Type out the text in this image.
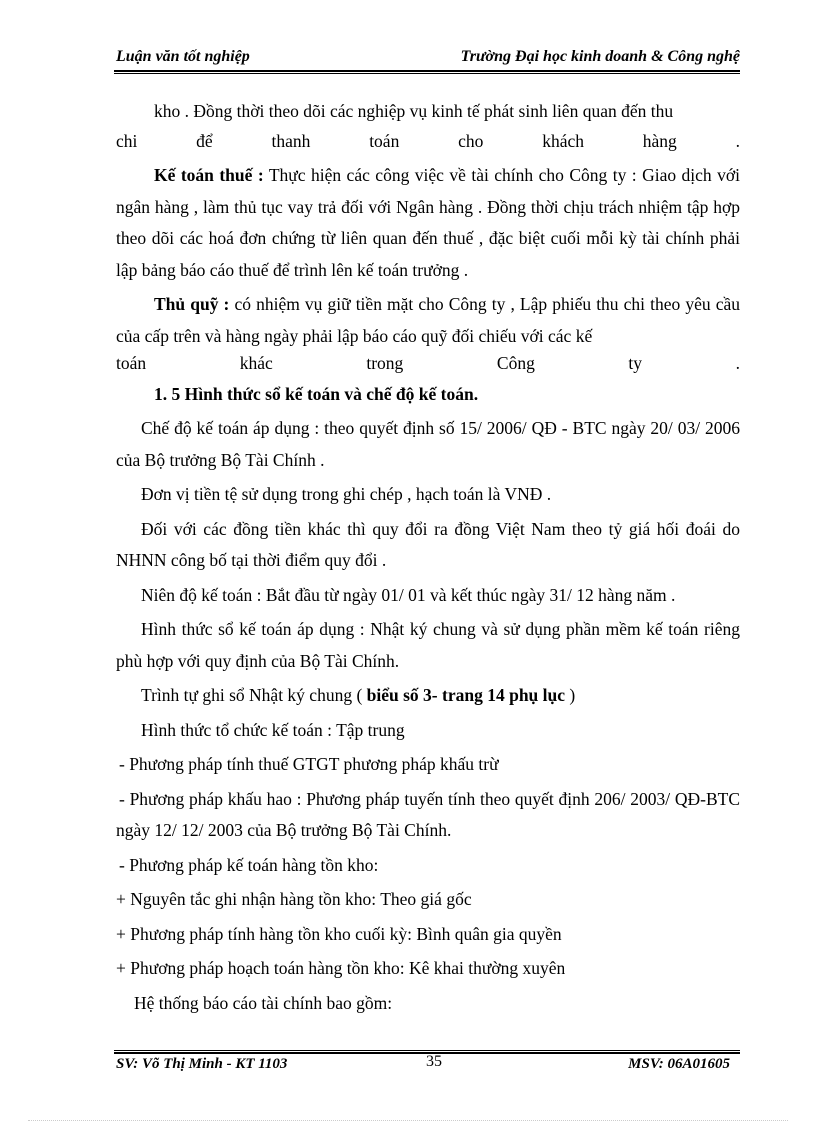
Luận văn tốt nghiệp	Trường Đại học kinh doanh & Công nghệ

kho . Đồng thời theo dõi các nghiệp vụ kinh tế phát sinh liên quan đến thu

chi để thanh toán cho khách hàng .

Kế toán thuế : Thực hiện các công việc về tài chính cho Công ty : Giao dịch với ngân hàng , làm thủ tục vay trả đối với Ngân hàng . Đồng thời chịu trách nhiệm tập hợp theo dõi các hoá đơn chứng từ liên quan đến thuế , đặc biệt cuối mỗi kỳ tài chính phải lập bảng báo cáo thuế để trình lên kế toán trưởng .

Thủ quỹ : có nhiệm vụ giữ tiền mặt cho Công ty , Lập phiếu thu chi theo yêu cầu của cấp trên và hàng ngày phải lập báo cáo quỹ đối chiếu với các kế

toán khác trong Công ty .

1. 5 Hình thức sổ kế toán và chế độ kế toán.

Chế độ kế toán áp dụng : theo quyết định số 15/ 2006/ QĐ - BTC ngày 20/ 03/ 2006 của Bộ trưởng Bộ Tài Chính .

Đơn vị tiền tệ sử dụng trong ghi chép , hạch toán là VNĐ .

Đối với các đồng tiền khác thì quy đổi ra đồng Việt Nam theo tỷ giá hối đoái do NHNN công bố tại thời điểm quy đổi .

Niên độ kế toán : Bắt đầu từ ngày 01/ 01 và kết thúc ngày 31/ 12 hàng năm .

Hình thức sổ kế toán áp dụng : Nhật ký chung và sử dụng phần mềm kế toán riêng phù hợp với quy định của Bộ Tài Chính.

Trình tự ghi sổ Nhật ký chung ( biểu số 3- trang 14 phụ lục )

Hình thức tổ chức kế toán : Tập trung

- Phương pháp tính thuế GTGT phương pháp khấu trừ

- Phương pháp khấu hao : Phương pháp tuyến tính theo quyết định 206/ 2003/ QĐ-BTC ngày 12/ 12/ 2003 của Bộ trưởng Bộ Tài Chính.

- Phương pháp kế toán hàng tồn kho:

+ Nguyên tắc ghi nhận hàng tồn kho: Theo giá gốc

+ Phương pháp tính hàng tồn kho cuối kỳ: Bình quân gia quyền

+ Phương pháp hoạch toán hàng tồn kho: Kê khai thường xuyên

Hệ thống báo cáo tài chính bao gồm:

SV: Võ Thị Minh - KT 1103	35	MSV: 06A01605
